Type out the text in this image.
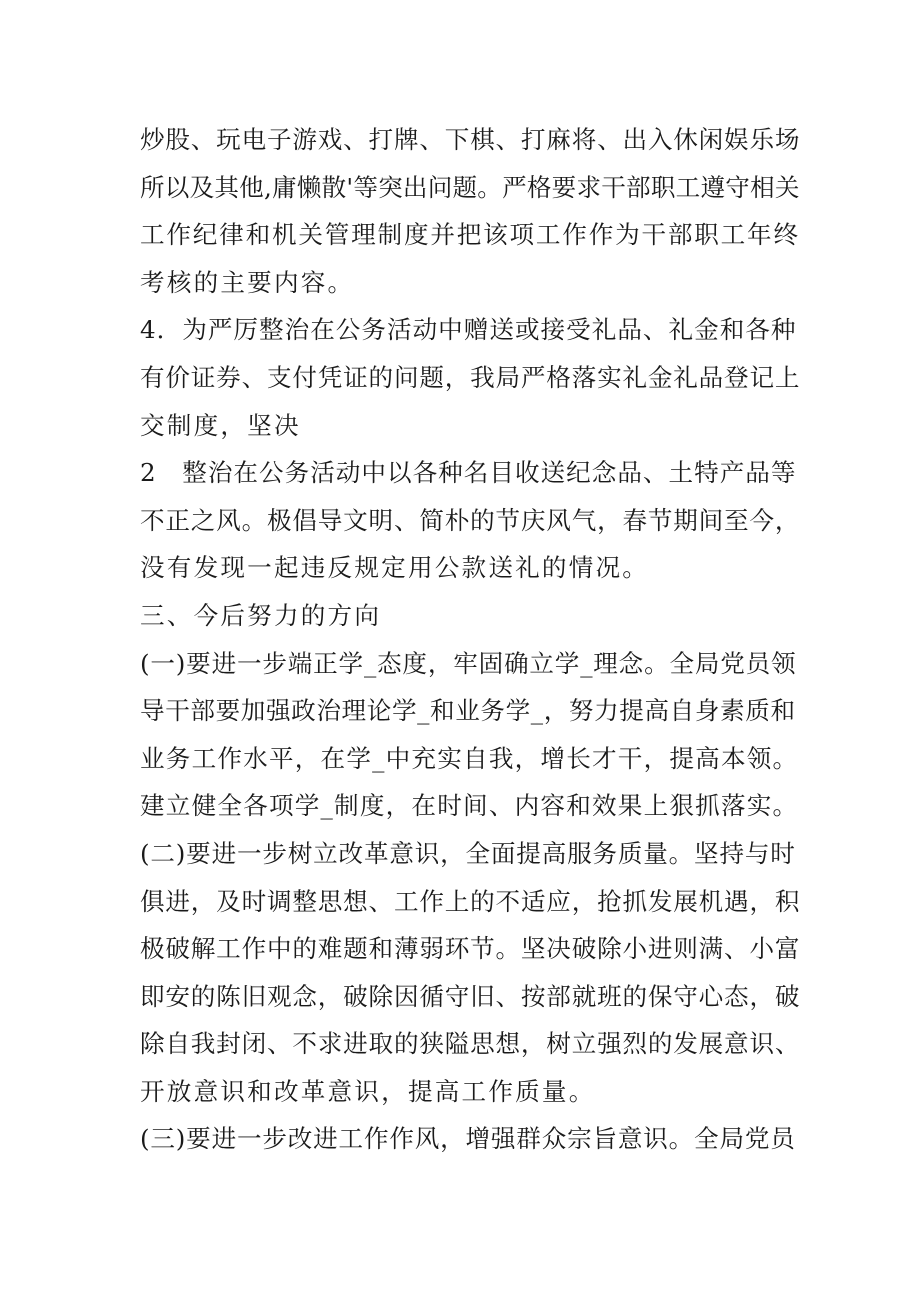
炒股、玩电子游戏、打牌、下棋、打麻将、出入休闲娱乐场
所以及其他,庸懒散'等突出问题。严格要求干部职工遵守相关
工作纪律和机关管理制度并把该项工作作为干部职工年终
考核的主要内容。
4．为严厉整治在公务活动中赠送或接受礼品、礼金和各种
有价证券、支付凭证的问题，我局严格落实礼金礼品登记上
交制度，坚决
2　整治在公务活动中以各种名目收送纪念品、土特产品等
不正之风。极倡导文明、简朴的节庆风气，春节期间至今，
没有发现一起违反规定用公款送礼的情况。
三、今后努力的方向
(一)要进一步端正学_态度，牢固确立学_理念。全局党员领
导干部要加强政治理论学_和业务学_，努力提高自身素质和
业务工作水平，在学_中充实自我，增长才干，提高本领。
建立健全各项学_制度，在时间、内容和效果上狠抓落实。
(二)要进一步树立改革意识，全面提高服务质量。坚持与时
俱进，及时调整思想、工作上的不适应，抢抓发展机遇，积
极破解工作中的难题和薄弱环节。坚决破除小进则满、小富
即安的陈旧观念，破除因循守旧、按部就班的保守心态，破
除自我封闭、不求进取的狭隘思想，树立强烈的发展意识、
开放意识和改革意识，提高工作质量。
(三)要进一步改进工作作风，增强群众宗旨意识。全局党员
